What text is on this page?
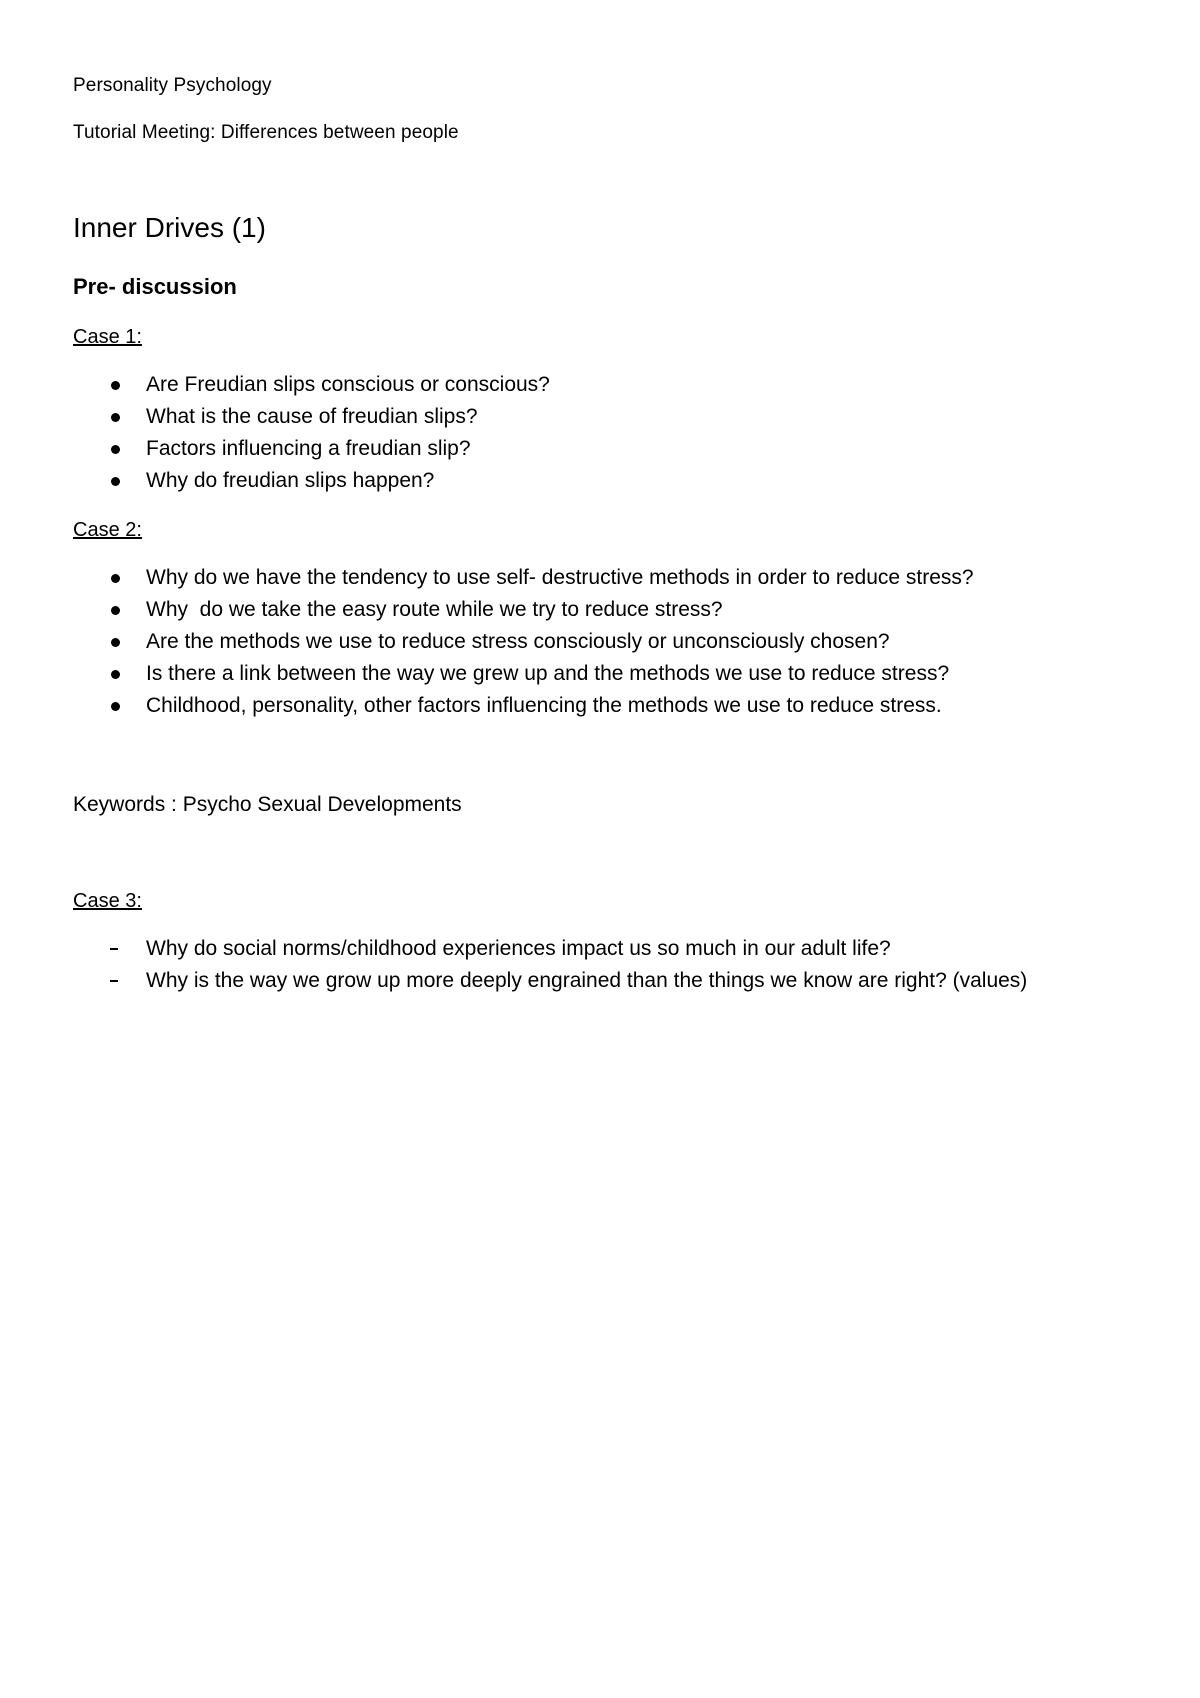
Personality Psychology
Tutorial Meeting: Differences between people
Inner Drives (1)
Pre- discussion
Case 1:
Are Freudian slips conscious or conscious?
What is the cause of freudian slips?
Factors influencing a freudian slip?
Why do freudian slips happen?
Case 2:
Why do we have the tendency to use self- destructive methods in order to reduce stress?
Why  do we take the easy route while we try to reduce stress?
Are the methods we use to reduce stress consciously or unconsciously chosen?
Is there a link between the way we grew up and the methods we use to reduce stress?
Childhood, personality, other factors influencing the methods we use to reduce stress.
Keywords : Psycho Sexual Developments
Case 3:
Why do social norms/childhood experiences impact us so much in our adult life?
Why is the way we grow up more deeply engrained than the things we know are right? (values)
